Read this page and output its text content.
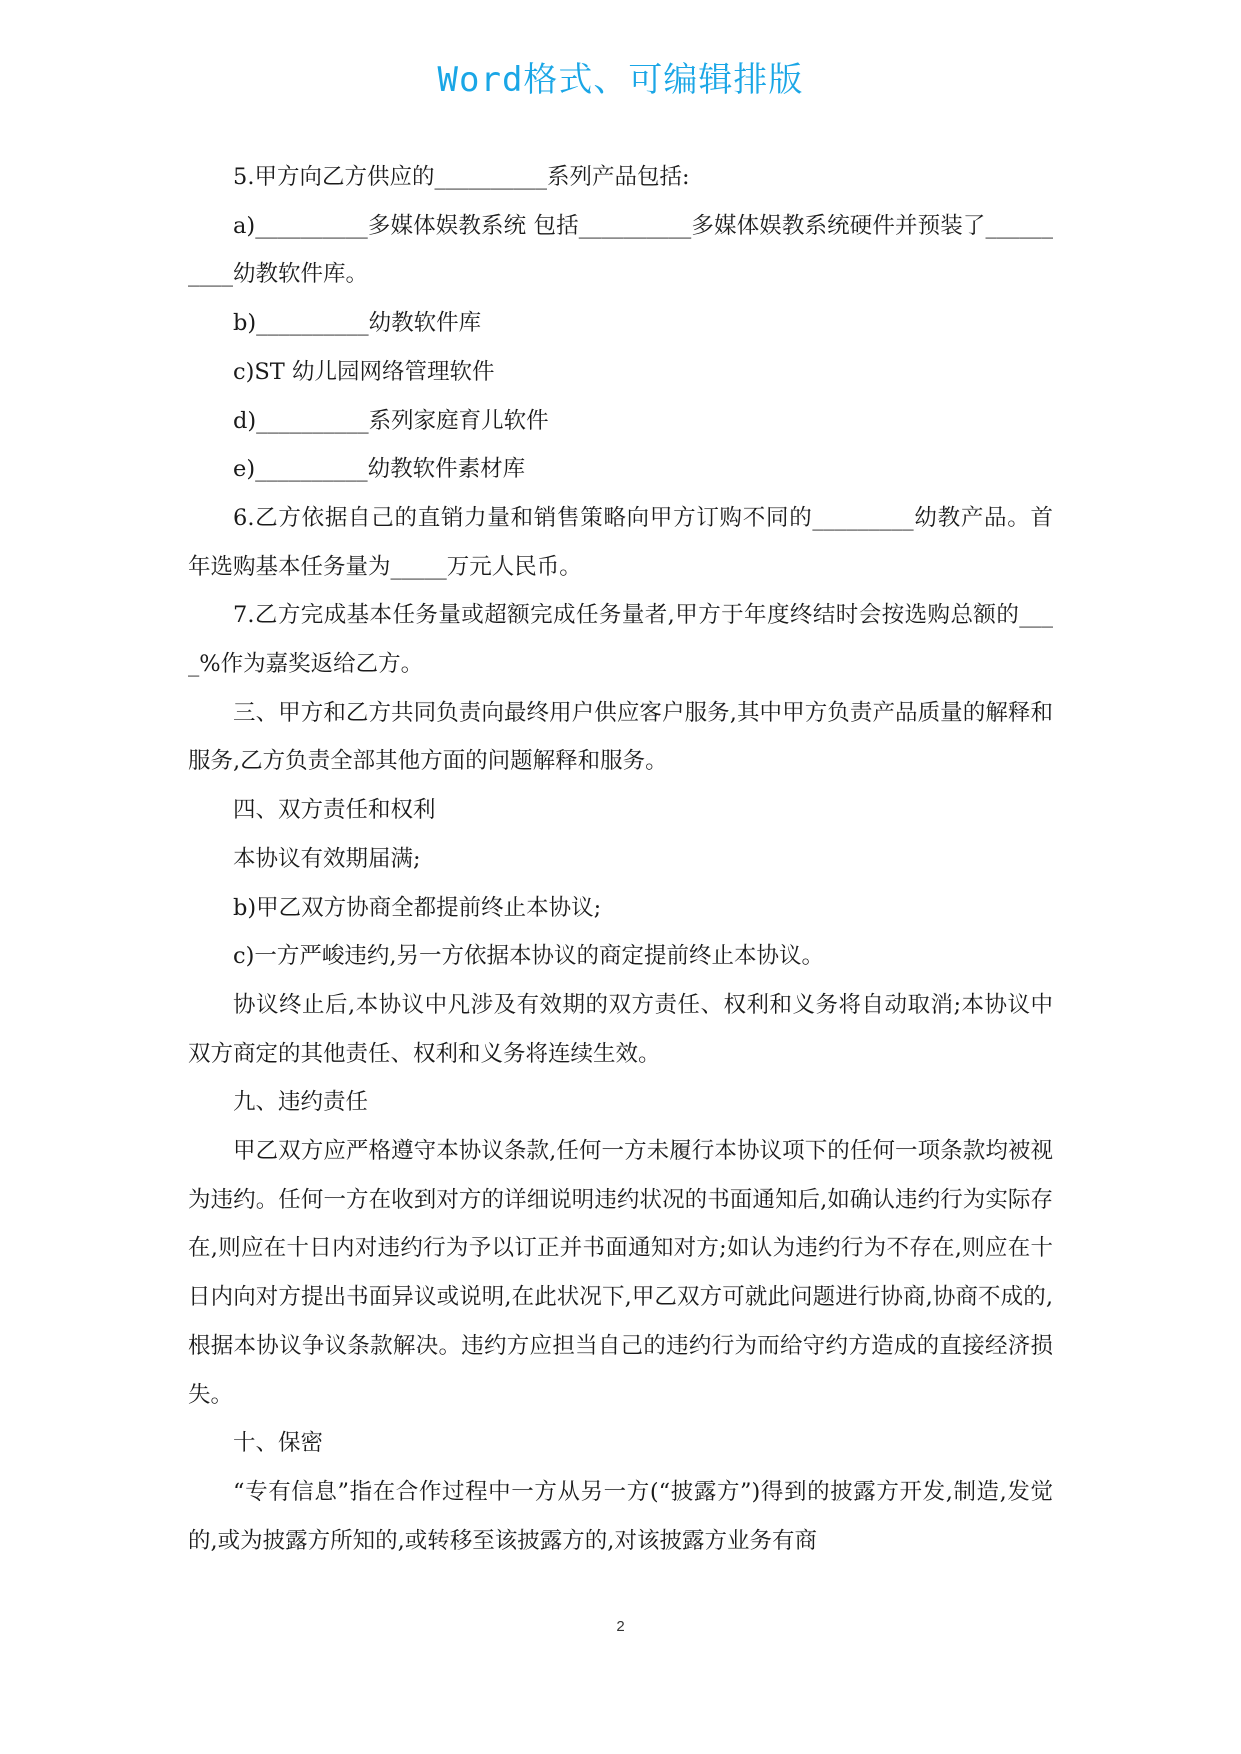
Word格式、可编辑排版

5.甲方向乙方供应的__________系列产品包括:

a)__________多媒体娱教系统 包括__________多媒体娱教系统硬件并预装了__________幼教软件库。

b)__________幼教软件库

c)ST 幼儿园网络管理软件

d)__________系列家庭育儿软件

e)__________幼教软件素材库

6.乙方依据自己的直销力量和销售策略向甲方订购不同的_________幼教产品。首年选购基本任务量为_____万元人民币。

7.乙方完成基本任务量或超额完成任务量者,甲方于年度终结时会按选购总额的____%作为嘉奖返给乙方。

三、甲方和乙方共同负责向最终用户供应客户服务,其中甲方负责产品质量的解释和服务,乙方负责全部其他方面的问题解释和服务。

四、双方责任和权利

本协议有效期届满;

b)甲乙双方协商全都提前终止本协议;

c)一方严峻违约,另一方依据本协议的商定提前终止本协议。

协议终止后,本协议中凡涉及有效期的双方责任、权利和义务将自动取消;本协议中双方商定的其他责任、权利和义务将连续生效。

九、违约责任

甲乙双方应严格遵守本协议条款,任何一方未履行本协议项下的任何一项条款均被视为违约。任何一方在收到对方的详细说明违约状况的书面通知后,如确认违约行为实际存在,则应在十日内对违约行为予以订正并书面通知对方;如认为违约行为不存在,则应在十日内向对方提出书面异议或说明,在此状况下,甲乙双方可就此问题进行协商,协商不成的,根据本协议争议条款解决。违约方应担当自己的违约行为而给守约方造成的直接经济损失。

十、保密

“专有信息”指在合作过程中一方从另一方(“披露方”)得到的披露方开发,制造,发觉的,或为披露方所知的,或转移至该披露方的,对该披露方业务有商

2
